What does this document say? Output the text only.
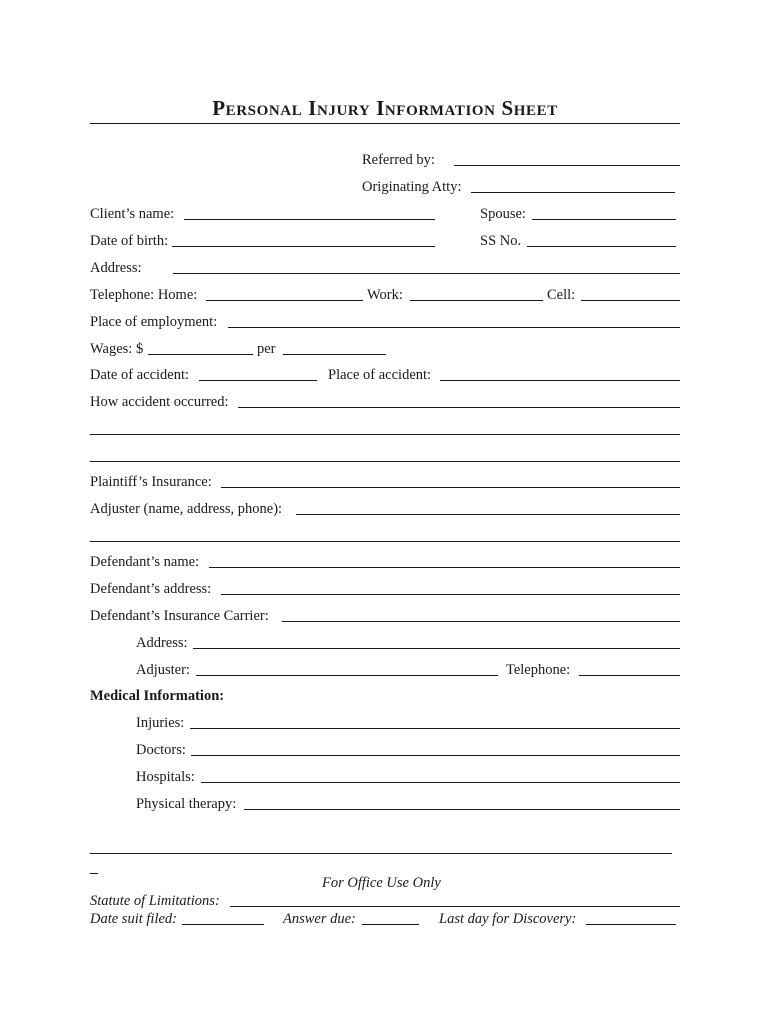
Personal Injury Information Sheet
Referred by:
Originating Atty:
Client’s name:	Spouse:
Date of birth:	SS No.
Address:
Telephone: Home:	Work:	Cell:
Place of employment:
Wages: $	per
Date of accident:	Place of accident:
How accident occurred:
Plaintiff’s Insurance:
Adjuster (name, address, phone):
Defendant’s name:
Defendant’s address:
Defendant’s Insurance Carrier:
Address:
Adjuster:	Telephone:
Medical Information:
Injuries:
Doctors:
Hospitals:
Physical therapy:
For Office Use Only
Statute of Limitations:
Date suit filed:	Answer due:	Last day for Discovery:
